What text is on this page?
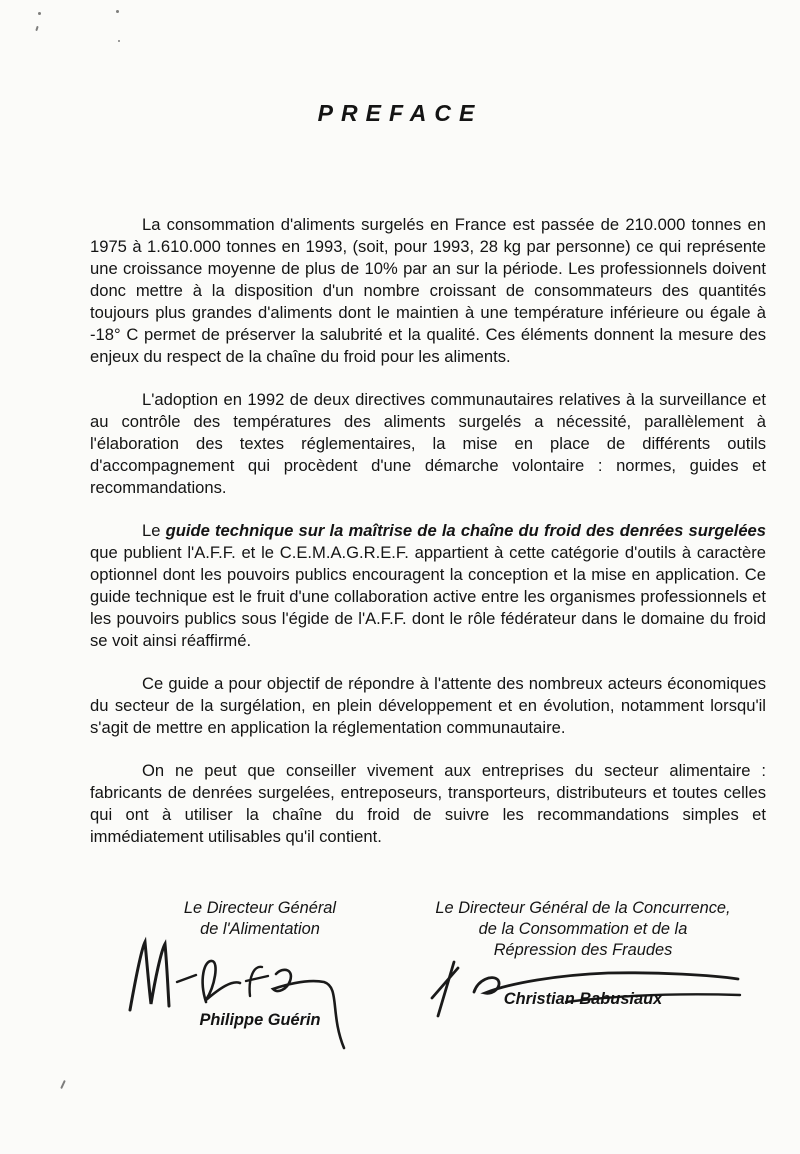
PREFACE

La consommation d'aliments surgelés en France est passée de 210.000 tonnes en 1975 à 1.610.000 tonnes en 1993, (soit, pour 1993, 28 kg par personne) ce qui représente une croissance moyenne de plus de 10% par an sur la période. Les professionnels doivent donc mettre à la disposition d'un nombre croissant de consommateurs des quantités toujours plus grandes d'aliments dont le maintien à une température inférieure ou égale à -18° C permet de préserver la salubrité et la qualité. Ces éléments donnent la mesure des enjeux du respect de la chaîne du froid pour les aliments.

L'adoption en 1992 de deux directives communautaires relatives à la surveillance et au contrôle des températures des aliments surgelés a nécessité, parallèlement à l'élaboration des textes réglementaires, la mise en place de différents outils d'accompagnement qui procèdent d'une démarche volontaire : normes, guides et recommandations.

Le guide technique sur la maîtrise de la chaîne du froid des denrées surgelées que publient l'A.F.F. et le C.E.M.A.G.R.E.F. appartient à cette catégorie d'outils à caractère optionnel dont les pouvoirs publics encouragent la conception et la mise en application. Ce guide technique est le fruit d'une collaboration active entre les organismes professionnels et les pouvoirs publics sous l'égide de l'A.F.F. dont le rôle fédérateur dans le domaine du froid se voit ainsi réaffirmé.

Ce guide a pour objectif de répondre à l'attente des nombreux acteurs économiques du secteur de la surgélation, en plein développement et en évolution, notamment lorsqu'il s'agit de mettre en application la réglementation communautaire.

On ne peut que conseiller vivement aux entreprises du secteur alimentaire : fabricants de denrées surgelées, entreposeurs, transporteurs, distributeurs et toutes celles qui ont à utiliser la chaîne du froid de suivre les recommandations simples et immédiatement utilisables qu'il contient.

Le Directeur Général
de l'Alimentation
Philippe Guérin
Le Directeur Général de la Concurrence,
de la Consommation et de la
Répression des Fraudes
Christian Babusiaux
